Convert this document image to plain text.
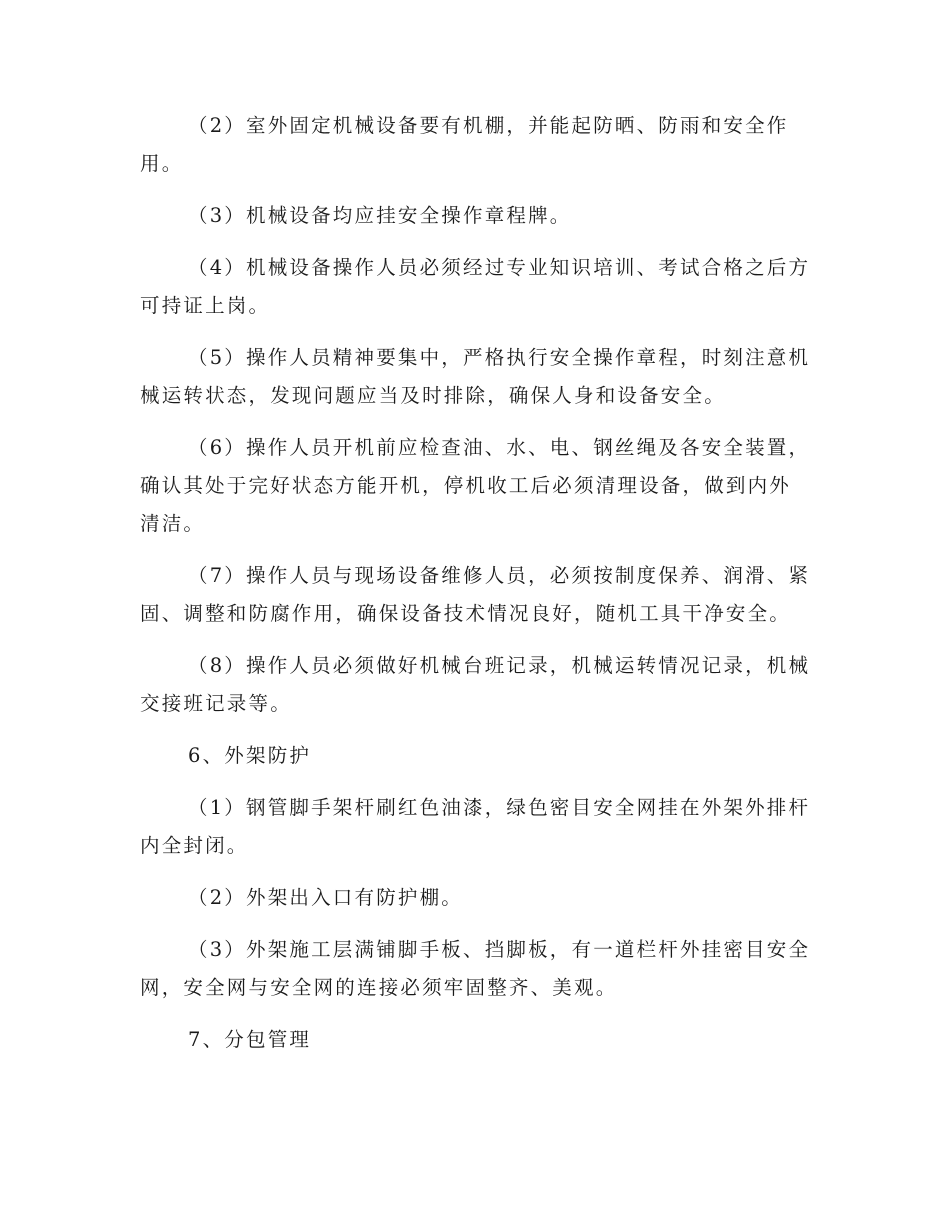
（2）室外固定机械设备要有机棚，并能起防晒、防雨和安全作
用。
（3）机械设备均应挂安全操作章程牌。
（4）机械设备操作人员必须经过专业知识培训、考试合格之后方
可持证上岗。
（5）操作人员精神要集中，严格执行安全操作章程，时刻注意机
械运转状态，发现问题应当及时排除，确保人身和设备安全。
（6）操作人员开机前应检查油、水、电、钢丝绳及各安全装置，
确认其处于完好状态方能开机，停机收工后必须清理设备，做到内外
清洁。
（7）操作人员与现场设备维修人员，必须按制度保养、润滑、紧
固、调整和防腐作用，确保设备技术情况良好，随机工具干净安全。
（8）操作人员必须做好机械台班记录，机械运转情况记录，机械
交接班记录等。
6、外架防护
（1）钢管脚手架杆刷红色油漆，绿色密目安全网挂在外架外排杆
内全封闭。
（2）外架出入口有防护棚。
（3）外架施工层满铺脚手板、挡脚板，有一道栏杆外挂密目安全
网，安全网与安全网的连接必须牢固整齐、美观。
7、分包管理
